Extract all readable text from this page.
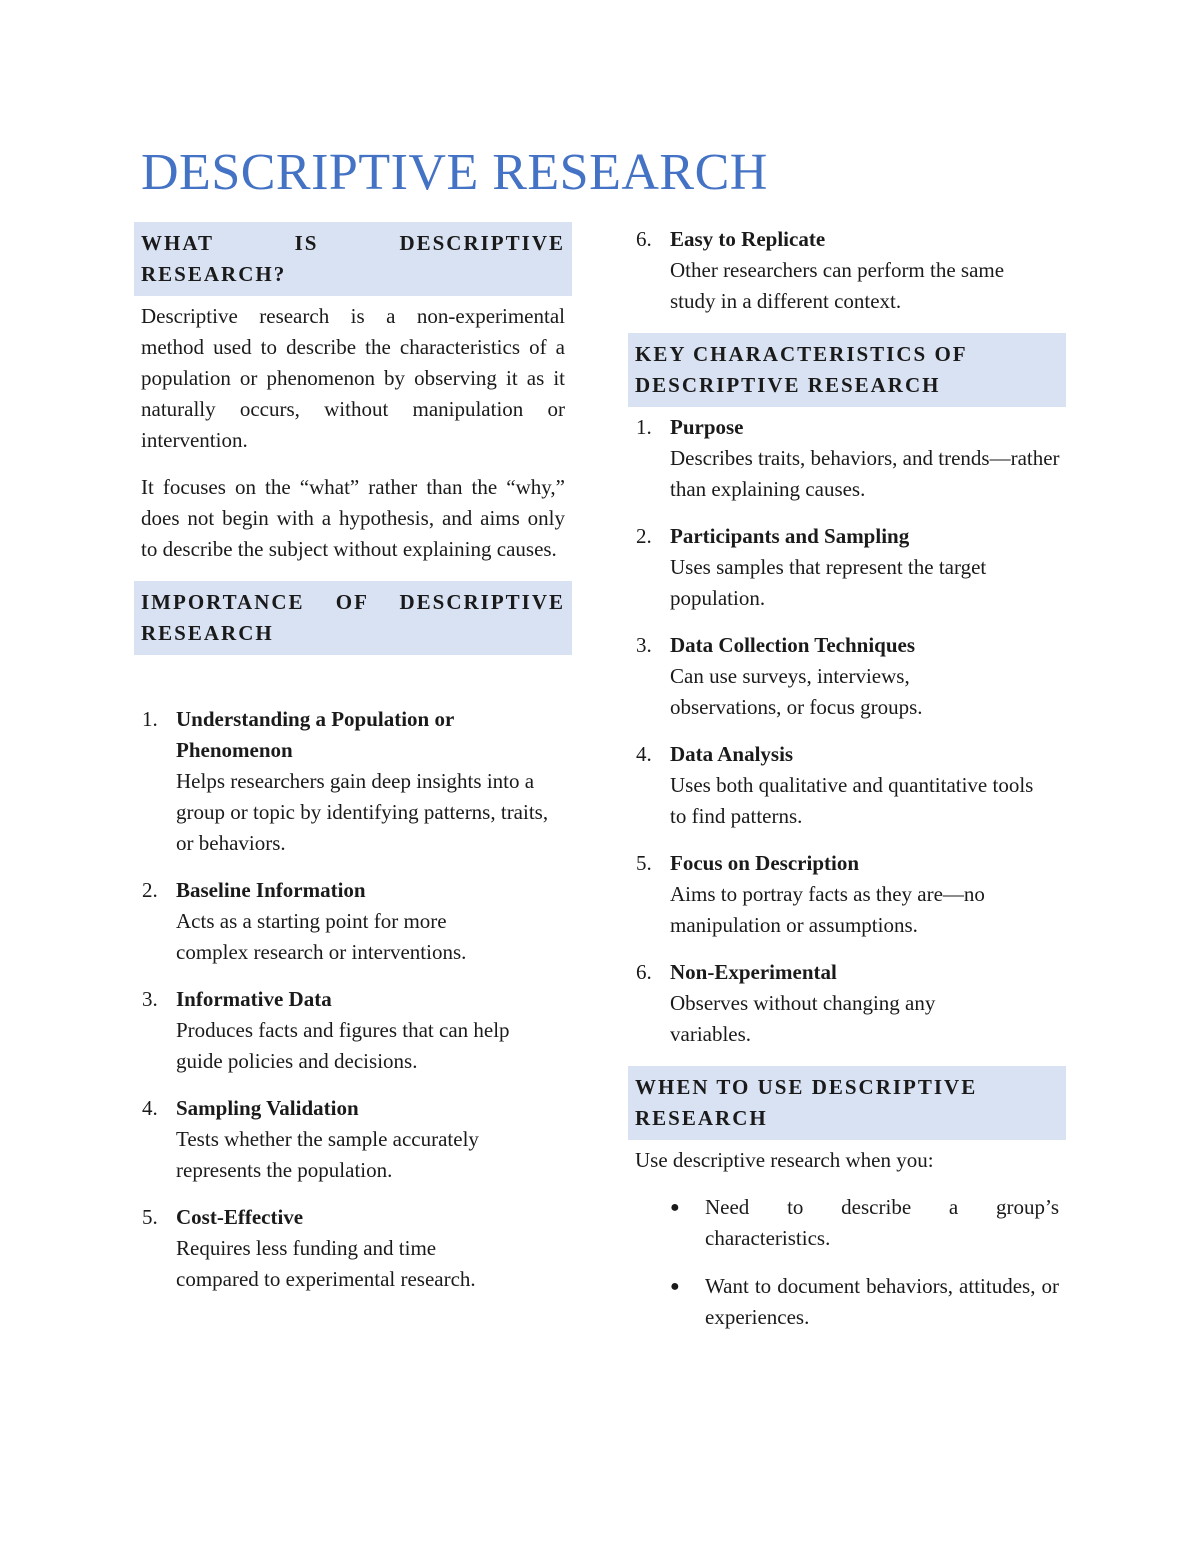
DESCRIPTIVE RESEARCH
WHAT IS DESCRIPTIVE RESEARCH?

Descriptive research is a non-experimental method used to describe the characteristics of a population or phenomenon by observing it as it naturally occurs, without manipulation or intervention.

It focuses on the “what” rather than the “why,” does not begin with a hypothesis, and aims only to describe the subject without explaining causes.

IMPORTANCE OF DESCRIPTIVE RESEARCH
1. Understanding a Population or Phenomenon
Helps researchers gain deep insights into a group or topic by identifying patterns, traits, or behaviors.
2. Baseline Information
Acts as a starting point for more complex research or interventions.
3. Informative Data
Produces facts and figures that can help guide policies and decisions.
4. Sampling Validation
Tests whether the sample accurately represents the population.
5. Cost-Effective
Requires less funding and time compared to experimental research.
6. Easy to Replicate
Other researchers can perform the same study in a different context.
KEY CHARACTERISTICS OF DESCRIPTIVE RESEARCH
1. Purpose
Describes traits, behaviors, and trends—rather than explaining causes.
2. Participants and Sampling
Uses samples that represent the target population.
3. Data Collection Techniques
Can use surveys, interviews, observations, or focus groups.
4. Data Analysis
Uses both qualitative and quantitative tools to find patterns.
5. Focus on Description
Aims to portray facts as they are—no manipulation or assumptions.
6. Non-Experimental
Observes without changing any variables.
WHEN TO USE DESCRIPTIVE RESEARCH

Use descriptive research when you:

● Need to describe a group’s characteristics.
● Want to document behaviors, attitudes, or experiences.
